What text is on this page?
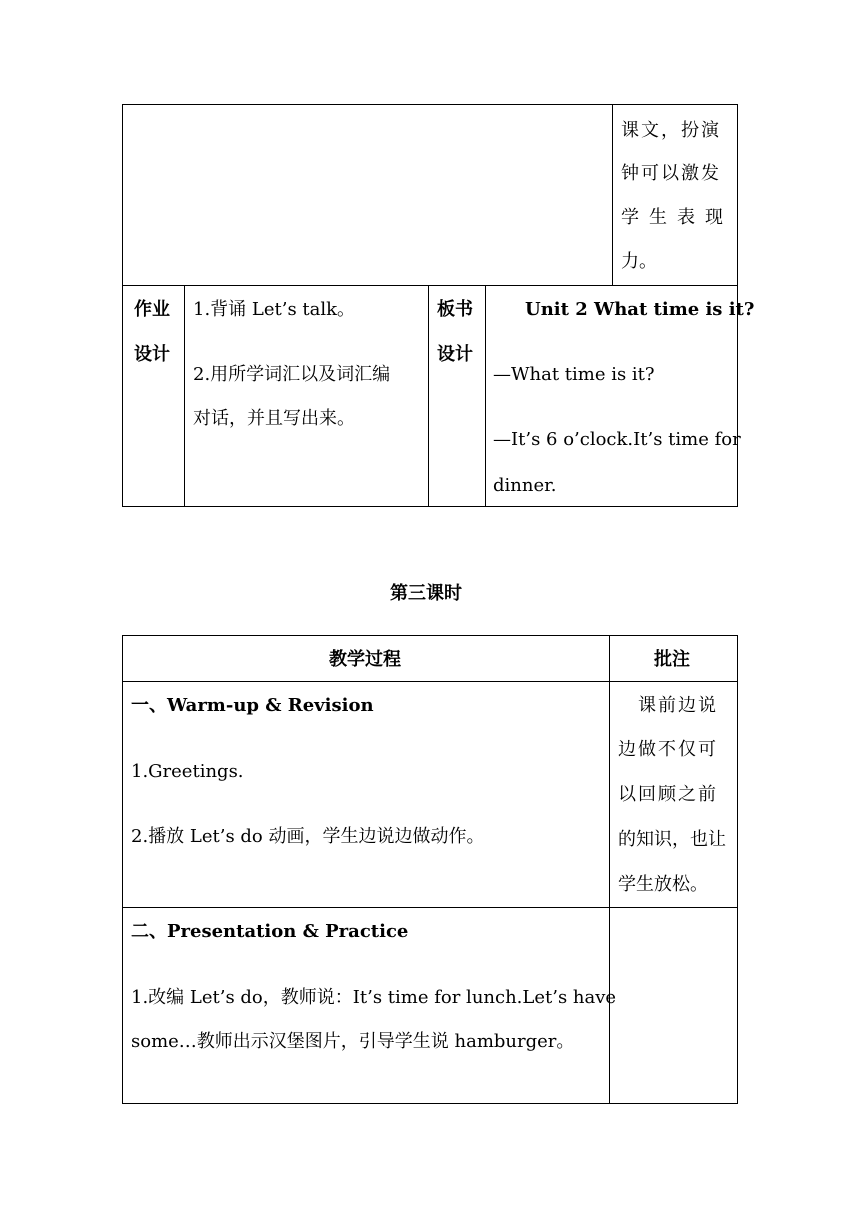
课文，扮演
钟可以激发
学生表现
力。
作业
设计
1.背诵 Let’s talk。
2.用所学词汇以及词汇编
对话，并且写出来。
板书
设计
Unit 2 What time is it?
—What time is it?
—It’s 6 o’clock.It’s time for
dinner.
第三课时
教学过程	批注
一、Warm-up & Revision
1.Greetings.
2.播放 Let’s do 动画，学生边说边做动作。
课前边说
边做不仅可
以回顾之前
的知识，也让
学生放松。
二、Presentation & Practice
1.改编 Let’s do，教师说：It’s time for lunch.Let’s have
some…教师出示汉堡图片，引导学生说 hamburger。
